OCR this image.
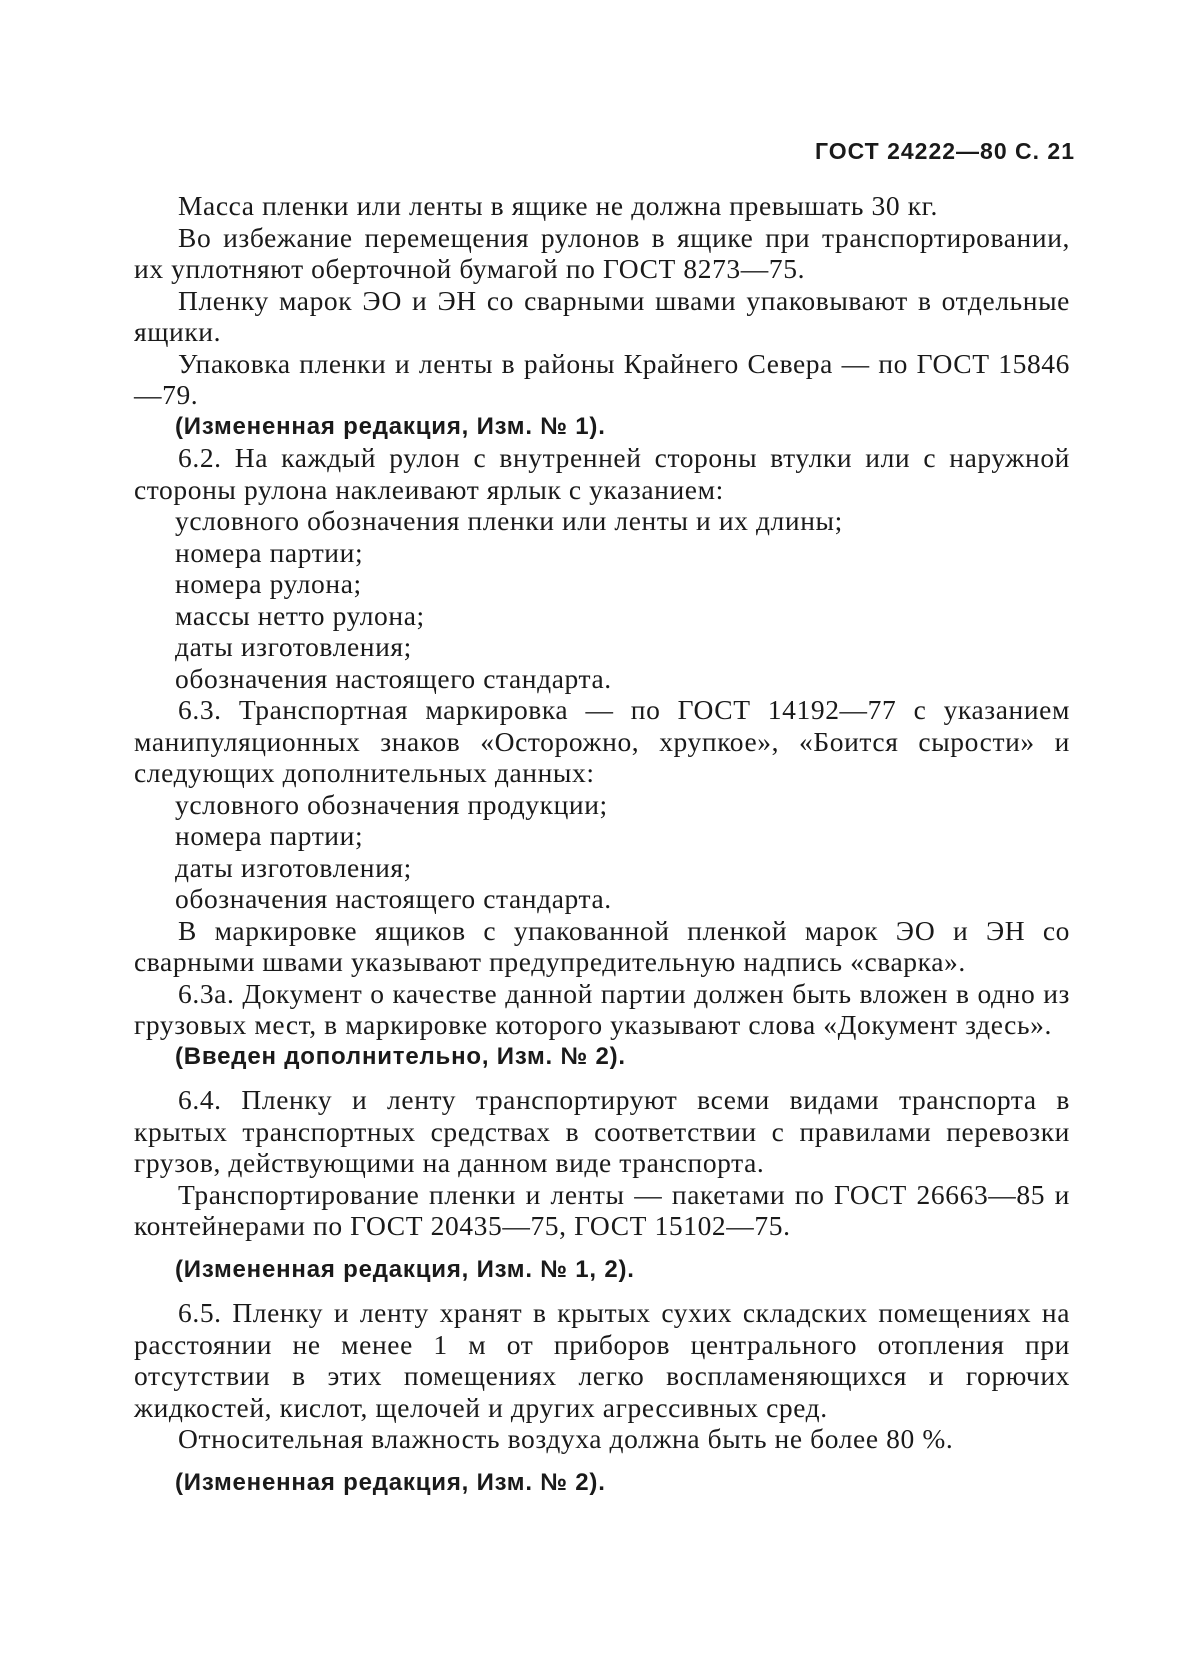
ГОСТ 24222—80 С. 21

Масса пленки или ленты в ящике не должна превышать 30 кг.

Во избежание перемещения рулонов в ящике при транспортировании, их уплотняют оберточной бумагой по ГОСТ 8273—75.

Пленку марок ЭО и ЭН со сварными швами упаковывают в отдельные ящики.

Упаковка пленки и ленты в районы Крайнего Севера — по ГОСТ 15846—79.

(Измененная редакция, Изм. № 1).

6.2. На каждый рулон с внутренней стороны втулки или с наружной стороны рулона наклеивают ярлык с указанием:

условного обозначения пленки или ленты и их длины;

номера партии;

номера рулона;

массы нетто рулона;

даты изготовления;

обозначения настоящего стандарта.

6.3. Транспортная маркировка — по ГОСТ 14192—77 с указанием манипуляционных знаков «Осторожно, хрупкое», «Боится сырости» и следующих дополнительных данных:

условного обозначения продукции;

номера партии;

даты изготовления;

обозначения настоящего стандарта.

В маркировке ящиков с упакованной пленкой марок ЭО и ЭН со сварными швами указывают предупредительную надпись «сварка».

6.3а. Документ о качестве данной партии должен быть вложен в одно из грузовых мест, в маркировке которого указывают слова «Документ здесь».

(Введен дополнительно, Изм. № 2).

6.4. Пленку и ленту транспортируют всеми видами транспорта в крытых транспортных средствах в соответствии с правилами перевозки грузов, действующими на данном виде транспорта.

Транспортирование пленки и ленты — пакетами по ГОСТ 26663—85 и контейнерами по ГОСТ 20435—75, ГОСТ 15102—75.

(Измененная редакция, Изм. № 1, 2).

6.5. Пленку и ленту хранят в крытых сухих складских помещениях на расстоянии не менее 1 м от приборов центрального отопления при отсутствии в этих помещениях легко воспламеняющихся и горючих жидкостей, кислот, щелочей и других агрессивных сред.

Относительная влажность воздуха должна быть не более 80 %.

(Измененная редакция, Изм. № 2).
